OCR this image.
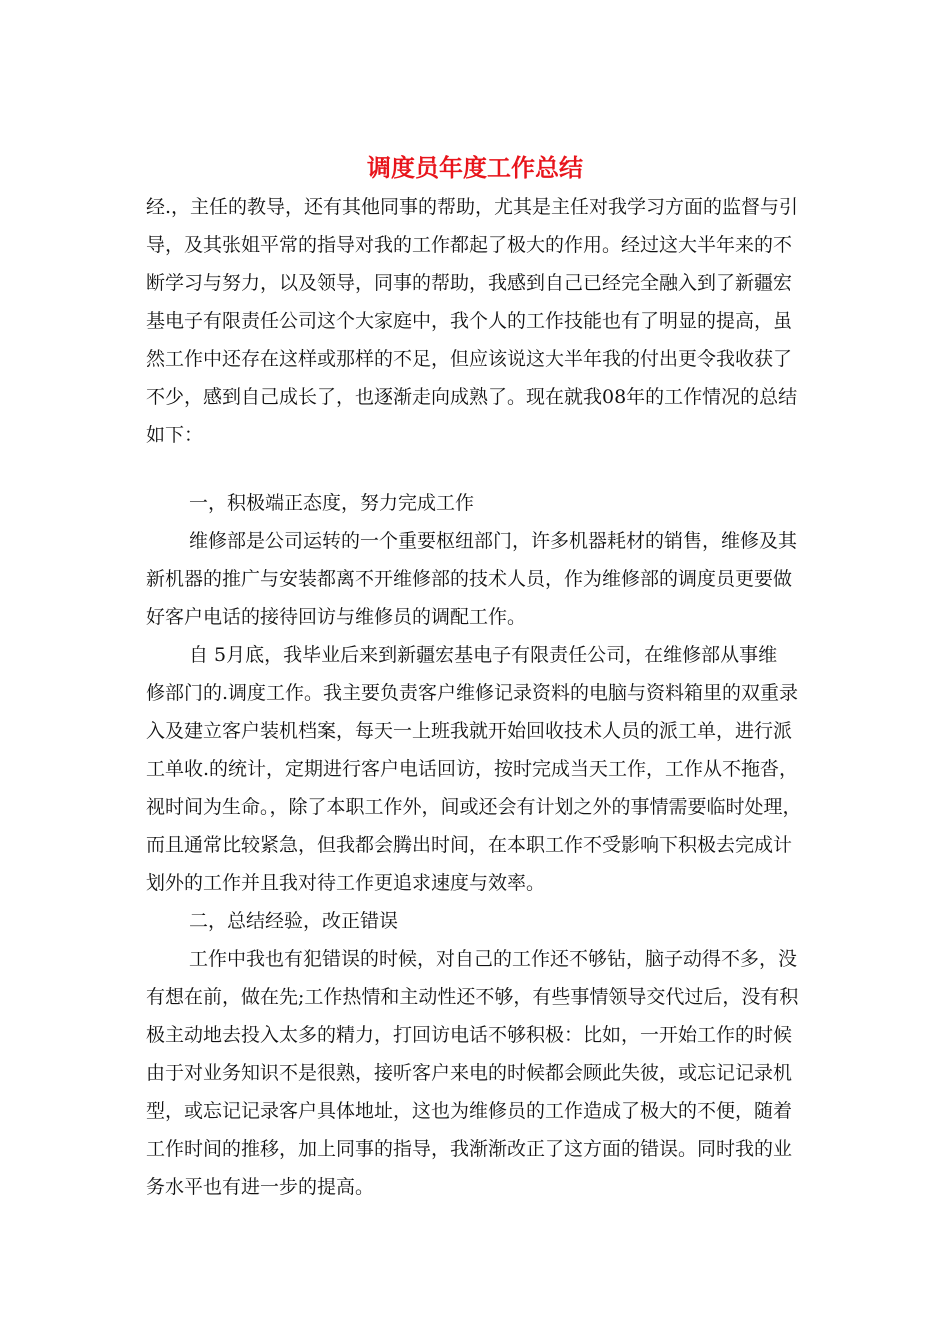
调度员年度工作总结
经.，主任的教导，还有其他同事的帮助，尤其是主任对我学习方面的监督与引
导，及其张姐平常的指导对我的工作都起了极大的作用。经过这大半年来的不
断学习与努力，以及领导，同事的帮助，我感到自己已经完全融入到了新疆宏
基电子有限责任公司这个大家庭中，我个人的工作技能也有了明显的提高，虽
然工作中还存在这样或那样的不足，但应该说这大半年我的付出更令我收获了
不少，感到自己成长了，也逐渐走向成熟了。现在就我08年的工作情况的总结
如下：
一，积极端正态度，努力完成工作
维修部是公司运转的一个重要枢纽部门，许多机器耗材的销售，维修及其
新机器的推广与安装都离不开维修部的技术人员，作为维修部的调度员更要做
好客户电话的接待回访与维修员的调配工作。
自 5月底，我毕业后来到新疆宏基电子有限责任公司，在维修部从事维
修部门的.调度工作。我主要负责客户维修记录资料的电脑与资料箱里的双重录
入及建立客户装机档案，每天一上班我就开始回收技术人员的派工单，进行派
工单收.的统计，定期进行客户电话回访，按时完成当天工作，工作从不拖沓，
视时间为生命。，除了本职工作外，间或还会有计划之外的事情需要临时处理，
而且通常比较紧急，但我都会腾出时间，在本职工作不受影响下积极去完成计
划外的工作并且我对待工作更追求速度与效率。
二，总结经验，改正错误
工作中我也有犯错误的时候，对自己的工作还不够钻，脑子动得不多，没
有想在前，做在先;工作热情和主动性还不够，有些事情领导交代过后，没有积
极主动地去投入太多的精力，打回访电话不够积极：比如，一开始工作的时候
由于对业务知识不是很熟，接听客户来电的时候都会顾此失彼，或忘记记录机
型，或忘记记录客户具体地址，这也为维修员的工作造成了极大的不便，随着
工作时间的推移，加上同事的指导，我渐渐改正了这方面的错误。同时我的业
务水平也有进一步的提高。
